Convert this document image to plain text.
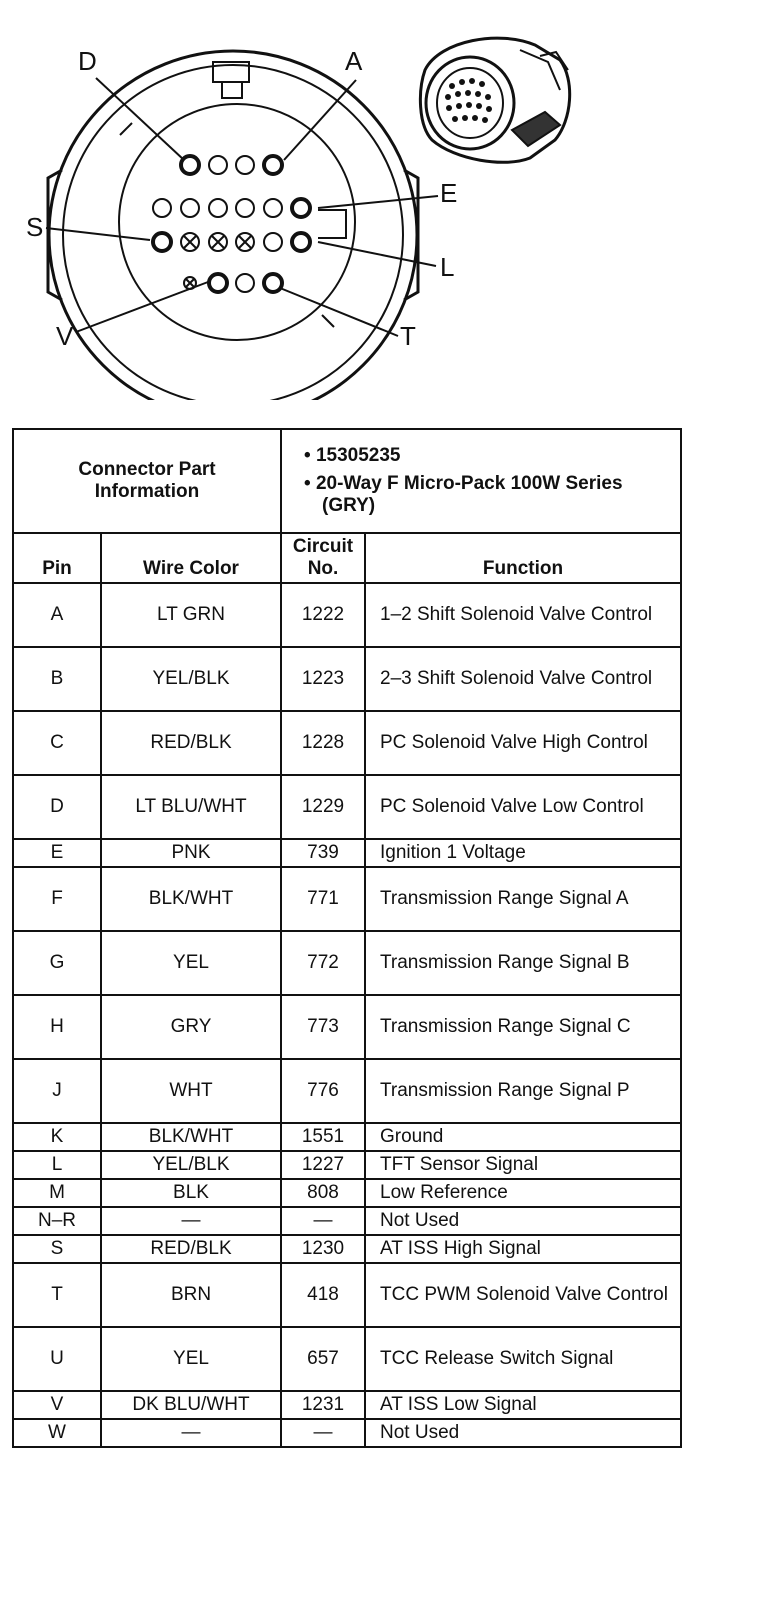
D	A
E
S
L
V	T
Connector Part
Information		• 15305235
• 20-Way F Micro-Pack 100W Series (GRY)	

Pin	Wire Color	Circuit No.	Function
A	LT GRN	1222	1–2 Shift Solenoid Valve Control
B	YEL/BLK	1223	2–3 Shift Solenoid Valve Control
C	RED/BLK	1228	PC Solenoid Valve High Control
D	LT BLU/WHT	1229	PC Solenoid Valve Low Control
E	PNK	739	Ignition 1 Voltage
F	BLK/WHT	771	Transmission Range Signal A
G	YEL	772	Transmission Range Signal B
H	GRY	773	Transmission Range Signal C
J	WHT	776	Transmission Range Signal P
K	BLK/WHT	1551	Ground
L	YEL/BLK	1227	TFT Sensor Signal
M	BLK	808	Low Reference
N–R	—	—	Not Used
S	RED/BLK	1230	AT ISS High Signal
T	BRN	418	TCC PWM Solenoid Valve Control
U	YEL	657	TCC Release Switch Signal
V	DK BLU/WHT	1231	AT ISS Low Signal
W	—	—	Not Used
